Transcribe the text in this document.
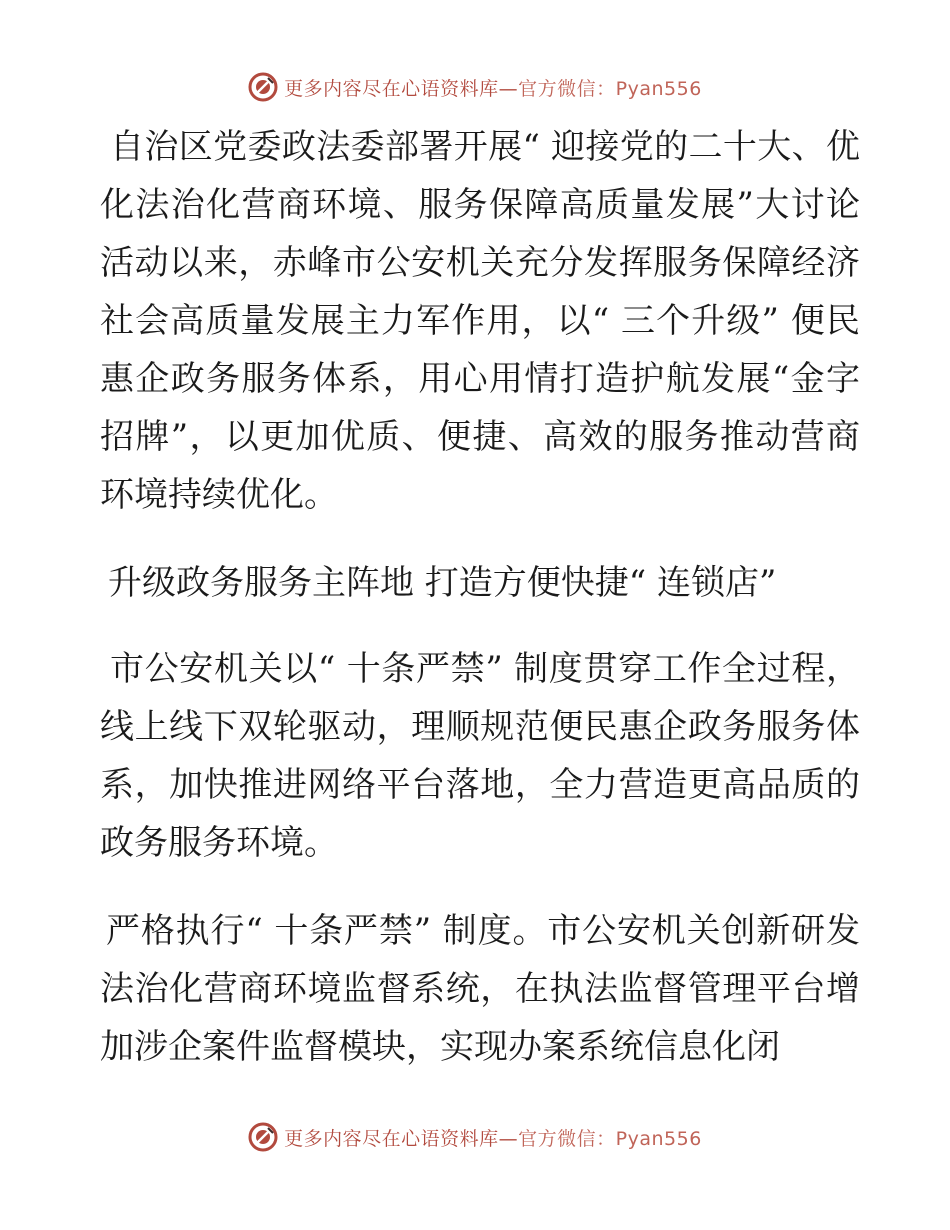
更多内容尽在心语资料库—官方微信：Pyan556

自治区党委政法委部署开展“ 迎接党的二十大、优化法治化营商环境、服务保障高质量发展”大讨论活动以来，赤峰市公安机关充分发挥服务保障经济社会高质量发展主力军作用，以“ 三个升级” 便民惠企政务服务体系，用心用情打造护航发展“金字招牌”，以更加优质、便捷、高效的服务推动营商环境持续优化。

升级政务服务主阵地 打造方便快捷“ 连锁店”

市公安机关以“ 十条严禁” 制度贯穿工作全过程，线上线下双轮驱动，理顺规范便民惠企政务服务体系，加快推进网络平台落地，全力营造更高品质的政务服务环境。

严格执行“ 十条严禁” 制度。市公安机关创新研发法治化营商环境监督系统，在执法监督管理平台增加涉企案件监督模块，实现办案系统信息化闭

更多内容尽在心语资料库—官方微信：Pyan556
